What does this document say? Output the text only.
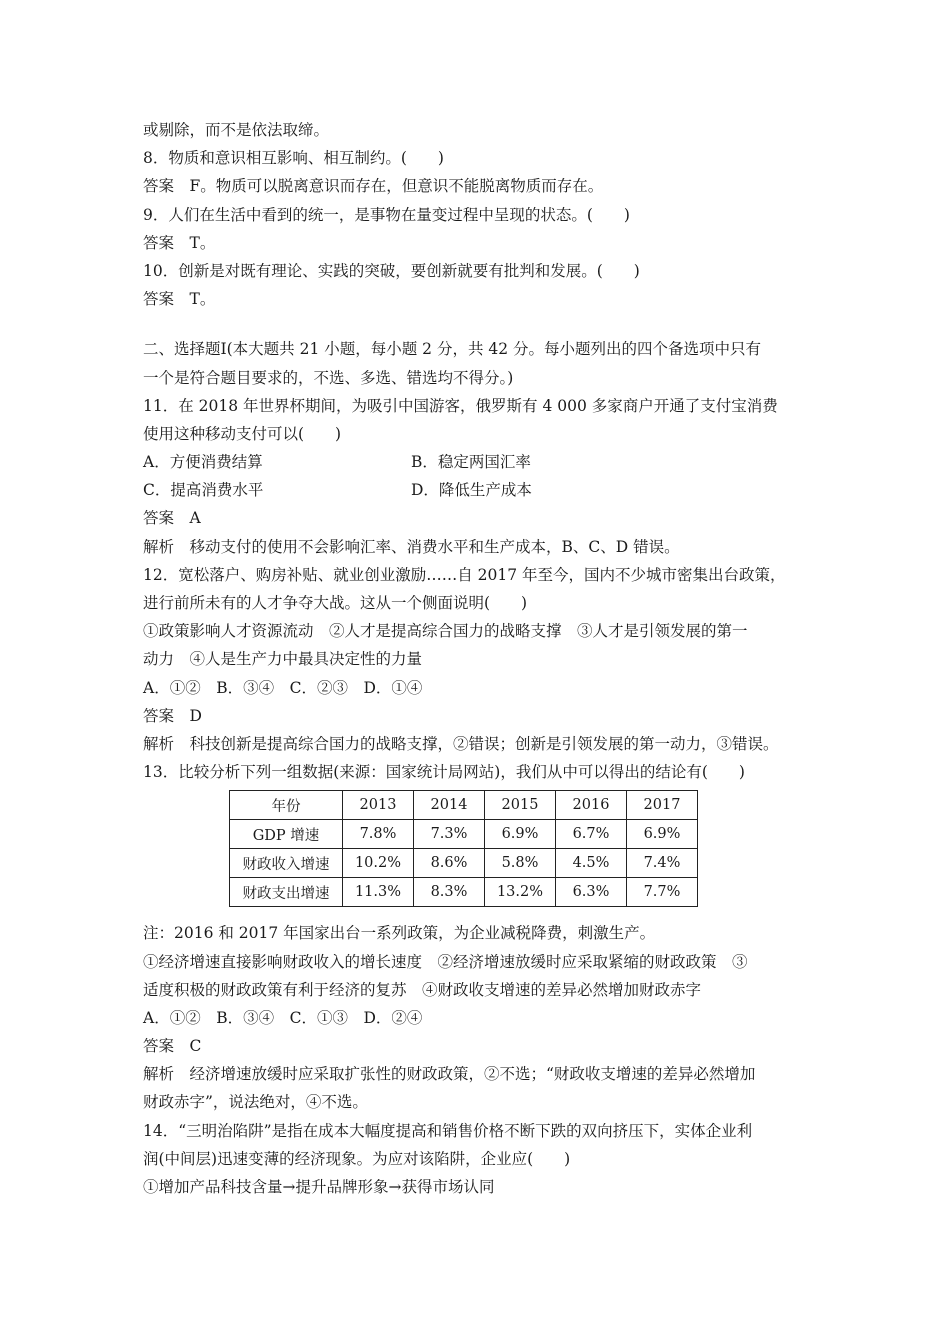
或剔除，而不是依法取缔。
8．物质和意识相互影响、相互制约。(　　)
答案　F。物质可以脱离意识而存在，但意识不能脱离物质而存在。
9．人们在生活中看到的统一，是事物在量变过程中呈现的状态。(　　)
答案　T。
10．创新是对既有理论、实践的突破，要创新就要有批判和发展。(　　)
答案　T。
二、选择题Ⅰ(本大题共 21 小题，每小题 2 分，共 42 分。每小题列出的四个备选项中只有
一个是符合题目要求的，不选、多选、错选均不得分。)
11．在 2018 年世界杯期间，为吸引中国游客，俄罗斯有 4 000 多家商户开通了支付宝消费
使用这种移动支付可以(　　)
A．方便消费结算	B．稳定两国汇率
C．提高消费水平	D．降低生产成本
答案　A
解析　移动支付的使用不会影响汇率、消费水平和生产成本，B、C、D 错误。
12．宽松落户、购房补贴、就业创业激励……自 2017 年至今，国内不少城市密集出台政策，
进行前所未有的人才争夺大战。这从一个侧面说明(　　)
①政策影响人才资源流动　②人才是提高综合国力的战略支撑　③人才是引领发展的第一
动力　④人是生产力中最具决定性的力量
A．①②　B．③④　C．②③　D．①④
答案　D
解析　科技创新是提高综合国力的战略支撑，②错误；创新是引领发展的第一动力，③错误。
13．比较分析下列一组数据(来源：国家统计局网站)，我们从中可以得出的结论有(　　)
年份	2013	2014	2015	2016	2017
GDP 增速	7.8%	7.3%	6.9%	6.7%	6.9%
财政收入增速	10.2%	8.6%	5.8%	4.5%	7.4%
财政支出增速	11.3%	8.3%	13.2%	6.3%	7.7%
注：2016 和 2017 年国家出台一系列政策，为企业减税降费，刺激生产。
①经济增速直接影响财政收入的增长速度　②经济增速放缓时应采取紧缩的财政政策　③
适度积极的财政政策有利于经济的复苏　④财政收支增速的差异必然增加财政赤字
A．①②　B．③④　C．①③　D．②④
答案　C
解析　经济增速放缓时应采取扩张性的财政政策，②不选；“财政收支增速的差异必然增加
财政赤字”，说法绝对，④不选。
14．“三明治陷阱”是指在成本大幅度提高和销售价格不断下跌的双向挤压下，实体企业利
润(中间层)迅速变薄的经济现象。为应对该陷阱，企业应(　　)
①增加产品科技含量→提升品牌形象→获得市场认同
